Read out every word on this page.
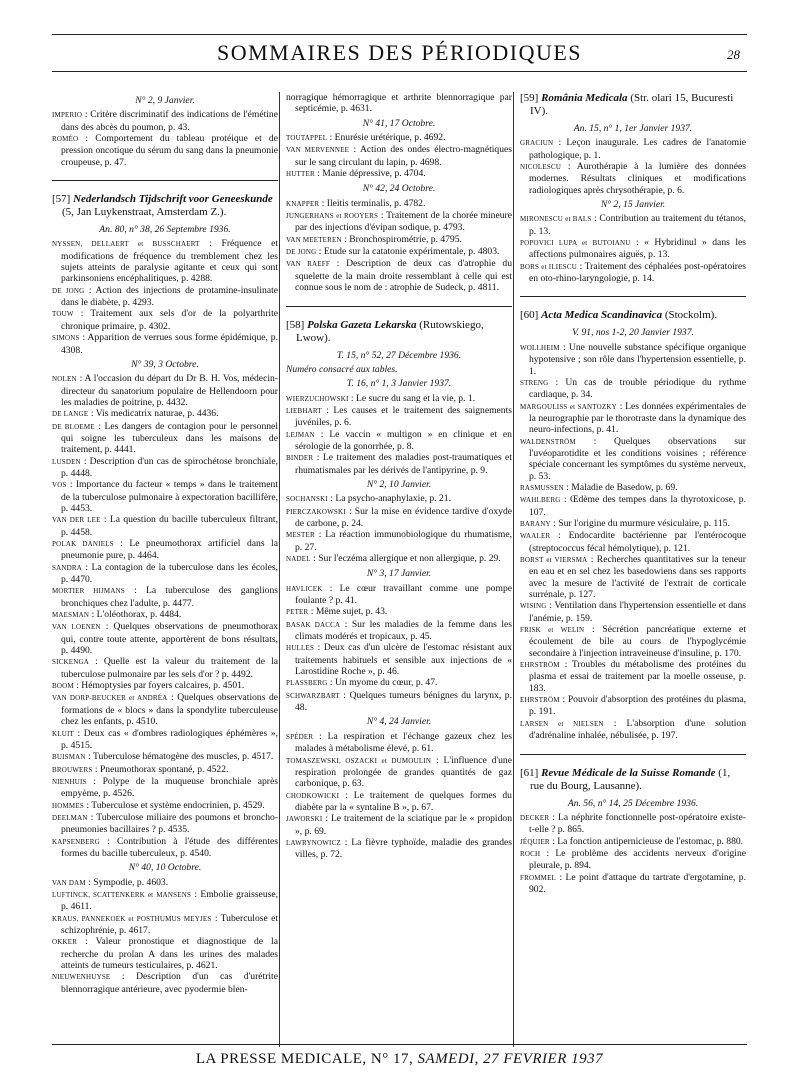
SOMMAIRES DES PÉRIODIQUES	28

N° 2, 9 Janvier.

IMPERIO : Critère discriminatif des indications de l'émétine dans des abcès du poumon, p. 43.

ROMÉO : Comportement du tableau protéique et de pression oncotique du sérum du sang dans la pneumonie croupeuse, p. 47.

[57] Nederlandsch Tijdschrift voor Geneeskunde (5, Jan Luykenstraat, Amsterdam Z.).

An. 80, n° 38, 26 Septembre 1936.

NYSSEN, DELLAERT et BUSSCHAERT : Fréquence et modifications de fréquence du tremblement chez les sujets atteints de paralysie agitante et ceux qui sont parkinsoniens encéphalitiques, p. 4288.

DE JONG : Action des injections de protamine-insulinate dans le diabète, p. 4293.

TOUW : Traitement aux sels d'or de la polyarthrite chronique primaire, p. 4302.

SIMONS : Apparition de verrues sous forme épidémique, p. 4308.

N° 39, 3 Octobre.

NOLEN : A l'occasion du départ du Dr B. H. Vos, médecin-directeur du sanatorium populaire de Hellendoorn pour les maladies de poitrine, p. 4432.

DE LANGE : Vis medicatrix naturae, p. 4436.

DE BLOEME : Les dangers de contagion pour le personnel qui soigne les tuberculeux dans les maisons de traitement, p. 4441.

LUSDEN : Description d'un cas de spirochétose bronchiale, p. 4448.

VOS : Importance du facteur « temps » dans le traitement de la tuberculose pulmonaire à expectoration bacillifère, p. 4453.

VAN DER LEE : La question du bacille tuberculeux filtrant, p. 4458.

POLAK DANIELS : Le pneumothorax artificiel dans la pneumonie pure, p. 4464.

SANDRA : La contagion de la tuberculose dans les écoles, p. 4470.

MORTIER HIJMANS : La tuberculose des ganglions bronchiques chez l'adulte, p. 4477.

MAESMAN : L'oléothorax, p. 4484.

VAN LOENEN : Quelques observations de pneumothorax qui, contre toute attente, apportèrent de bons résultats, p. 4490.

SICKENGA : Quelle est la valeur du traitement de la tuberculose pulmonaire par les sels d'or ? p. 4492.

BOOM : Hémoptysies par foyers calcaires, p. 4501.

VAN DORP-BEUCKER et ANDRÉA : Quelques observations de formations de « blocs » dans la spondylite tuberculeuse chez les enfants, p. 4510.

KLUIT : Deux cas « d'ombres radiologiques éphémères », p. 4515.

BUISMAN : Tuberculose hématogène des muscles, p. 4517.

BROUWERS : Pneumothorax spontané, p. 4522.

NIENHUIS : Polype de la muqueuse bronchiale après empyème, p. 4526.

HOMMES : Tuberculose et système endocrinien, p. 4529.

DEELMAN : Tuberculose miliaire des poumons et broncho-pneumonies bacillaires ? p. 4535.

KAPSENBERG : Contribution à l'étude des différentes formes du bacille tuberculeux, p. 4540.

N° 40, 10 Octobre.

VAN DAM : Sympodie, p. 4603.

LUFTINCK, SCATTENKERK et MANSENS : Embolie graisseuse, p. 4611.

KRAUS, PANNEKOEK et POSTHUMUS MEYJES : Tuberculose et schizophrénie, p. 4617.

OKKER : Valeur pronostique et diagnostique de la recherche du prolan A dans les urines des malades atteints de tumeurs testiculaires, p. 4621.

NIEUWENHUYSE : Description d'un cas d'urétrite blennorragique antérieure, avec pyodermie blen-

norragique hémorragique et arthrite blennorragique par septicémie, p. 4631.

N° 41, 17 Octobre.

TOUTAPPEL : Enurésie urétérique, p. 4692.

VAN MERVENNEE : Action des ondes électro-magnétiques sur le sang circulant du lapin, p. 4698.

HUTTER : Manie dépressive, p. 4704.

N° 42, 24 Octobre.

KNAPPER : Ileitis terminalis, p. 4782.

JUNGERHANS et ROOYERS : Traitement de la chorée mineure par des injections d'évipan sodique, p. 4793.

VAN MEETEREN : Bronchospirométrie, p. 4795.

DE JONG : Etude sur la catatonie expérimentale, p. 4803.

VAN RAEFF : Description de deux cas d'atrophie du squelette de la main droite ressemblant à celle qui est connue sous le nom de : atrophie de Sudeck, p. 4811.

[58] Polska Gazeta Lekarska (Rutowskiego, Lwow).

T. 15, n° 52, 27 Décembre 1936.

Numéro consacré aux tables.

T. 16, n° 1, 3 Janvier 1937.

WIERZUCHOWSKI : Le sucre du sang et la vie, p. 1.

LIEBHART : Les causes et le traitement des saignements juvéniles, p. 6.

LEJMAN : Le vaccin « multigon » en clinique et en sérologie de la gonorrhée, p. 8.

BINDER : Le traitement des maladies post-traumatiques et rhumatismales par les dérivés de l'antipyrine, p. 9.

N° 2, 10 Janvier.

SOCHANSKI : La psycho-anaphylaxie, p. 21.

PIERCZAKOWSKI : Sur la mise en évidence tardive d'oxyde de carbone, p. 24.

MESTER : La réaction immunobiologique du rhumatisme, p. 27.

NADEL : Sur l'eczéma allergique et non allergique, p. 29.

N° 3, 17 Janvier.

HAVLICEK : Le cœur travaillant comme une pompe foulante ? p. 41.

PETER : Même sujet, p. 43.

BASAK DACCA : Sur les maladies de la femme dans les climats modérés et tropicaux, p. 45.

HULLES : Deux cas d'un ulcère de l'estomac résistant aux traitements habituels et sensible aux injections de « Larostidine Roche », p. 46.

PLASSBERG : Un myome du cœur, p. 47.

SCHWARZBART : Quelques tumeurs bénignes du larynx, p. 48.

N° 4, 24 Janvier.

SPÉDER : La respiration et l'échange gazeux chez les malades à métabolisme élevé, p. 61.

TOMASZEWSKI, OSZACKI et DUMOULIN : L'influence d'une respiration prolongée de grandes quantités de gaz carbonique, p. 63.

CHODKOWICKI : Le traitement de quelques formes du diabète par la « syntaline B », p. 67.

JAWORSKI : Le traitement de la sciatique par le « propidon », p. 69.

LAWRYNOWICZ : La fièvre typhoïde, maladie des grandes villes, p. 72.

[59] România Medicala (Str. olari 15, Bucuresti IV).

An. 15, n° 1, 1er Janvier 1937.

GRACIUN : Leçon inaugurale. Les cadres de l'anatomie pathologique, p. 1.

NICOLESCU : Aurothérapie à la lumière des données modernes. Résultats cliniques et modifications radiologiques après chrysothérapie, p. 6.

N° 2, 15 Janvier.

MIRONESCU et BALS : Contribution au traitement du tétanos, p. 13.

POPOVICI LUPA et BUTOIANU : « Hybridinul » dans les affections pulmonaires aiguës, p. 13.

BORS et ILIESCU : Traitement des céphalées post-opératoires en oto-rhino-laryngologie, p. 14.

[60] Acta Medica Scandinavica (Stockolm).

V. 91, nos 1-2, 20 Janvier 1937.

WOLLHEIM : Une nouvelle substance spécifique organique hypotensive ; son rôle dans l'hypertension essentielle, p. 1.

STRENG : Un cas de trouble périodique du rythme cardiaque, p. 34.

MARGOULISS et SANTOZKY : Les données expérimentales de la neurographie par le thorotraste dans la dynamique des neuro-infections, p. 41.

WALDENSTRÖM : Quelques observations sur l'uvéoparotidite et les conditions voisines ; référence spéciale concernant les symptômes du système nerveux, p. 53.

RASMUSSEN : Maladie de Basedow, p. 69.

WAHLBERG : Œdème des tempes dans la thyrotoxicose, p. 107.

BARANY : Sur l'origine du murmure vésiculaire, p. 115.

WAALER : Endocardite bactérienne par l'entérocoque (streptococcus fécal hémolytique), p. 121.

BORST et VIERSMA : Recherches quantitatives sur la teneur en eau et en sel chez les basedowiens dans ses rapports avec la mesure de l'activité de l'extrait de corticale surrénale, p. 127.

WISING : Ventilation dans l'hypertension essentielle et dans l'anémie, p. 159.

FRISK et WELIN : Sécrétion pancréatique externe et écoulement de bile au cours de l'hypoglycémie secondaire à l'injection intraveineuse d'insuline, p. 170.

EHRSTRÖM : Troubles du métabolisme des protéines du plasma et essai de traitement par la moelle osseuse, p. 183.

EHRSTRÖM : Pouvoir d'absorption des protéines du plasma, p. 191.

LARSEN et NIELSEN : L'absorption d'une solution d'adrénaline inhalée, nébulisée, p. 197.

[61] Revue Médicale de la Suisse Romande (1, rue du Bourg, Lausanne).

An. 56, n° 14, 25 Décembre 1936.

DECKER : La néphrite fonctionnelle post-opératoire existe-t-elle ? p. 865.

JÉQUIER : La fonction antipernicieuse de l'estomac, p. 880.

ROCH : Le problème des accidents nerveux d'origine pleurale, p. 894.

FROMMEL : Le point d'attaque du tartrate d'ergotamine, p. 902.

LA PRESSE MEDICALE, N° 17, SAMEDI, 27 FEVRIER 1937
